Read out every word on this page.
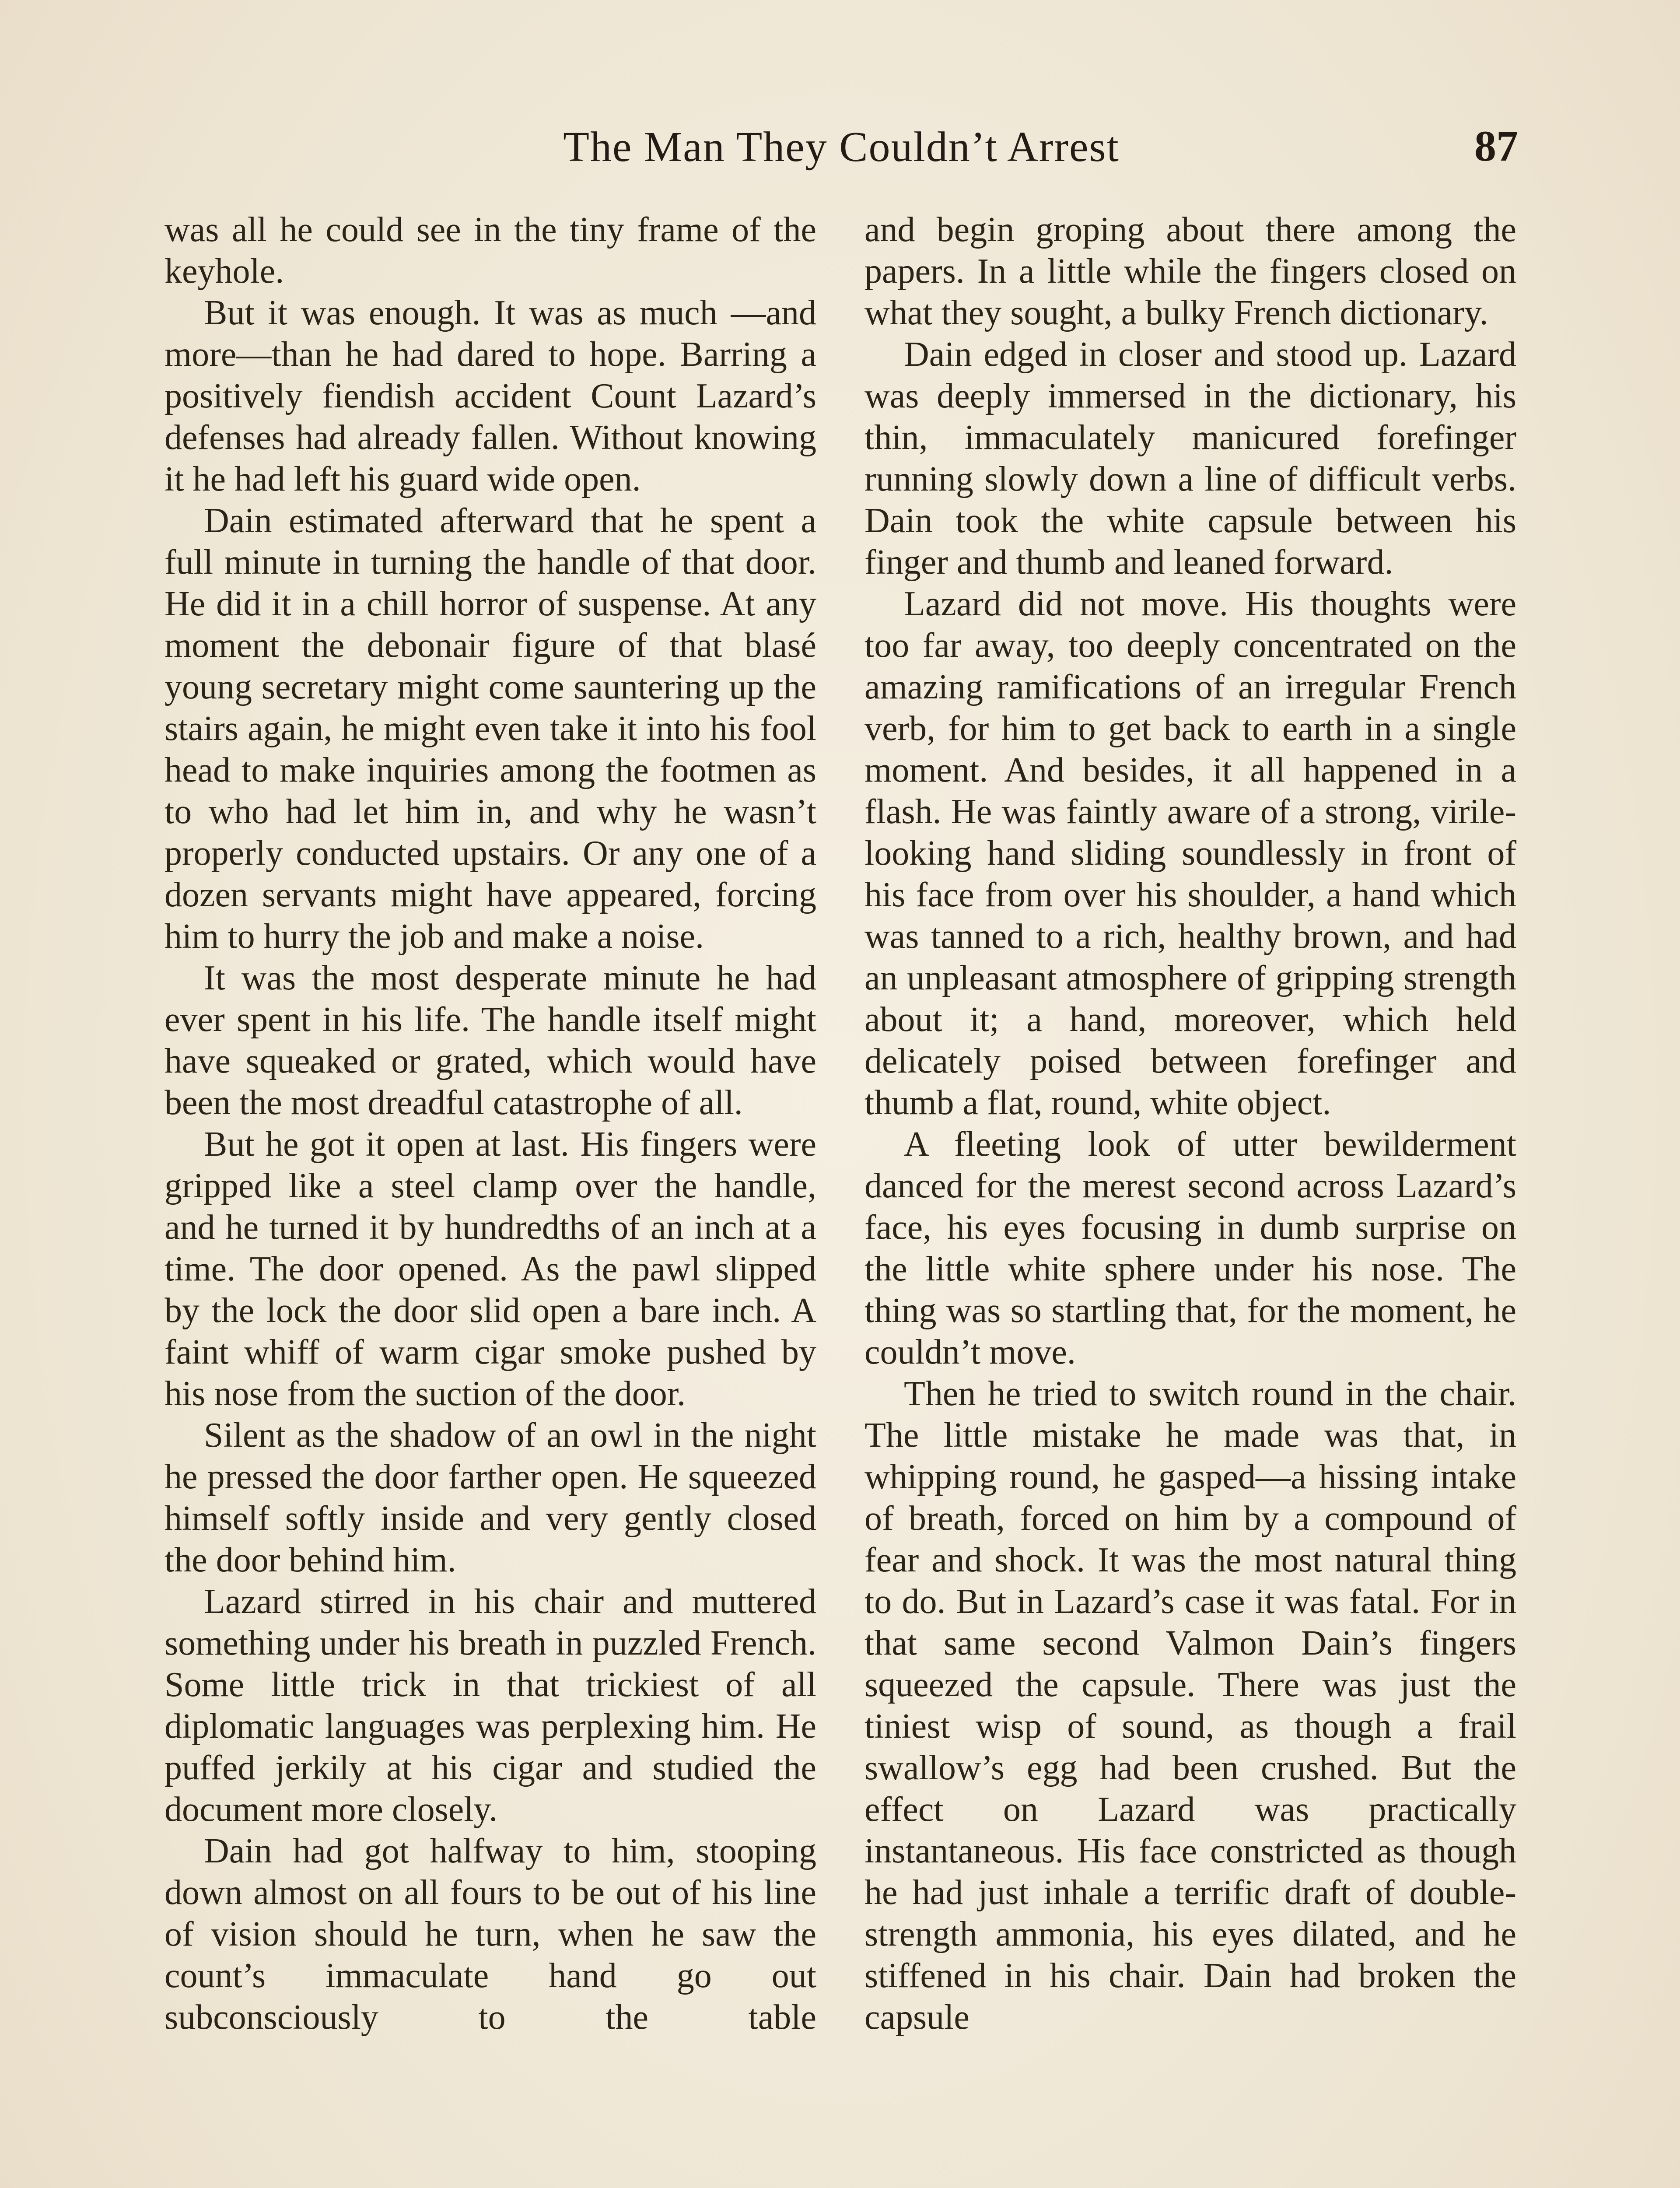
The Man They Couldn’t Arrest	87

was all he could see in the tiny frame of the keyhole.

But it was enough. It was as much —and more—than he had dared to hope. Barring a positively fiendish accident Count Lazard’s defenses had already fallen. Without knowing it he had left his guard wide open.

Dain estimated afterward that he spent a full minute in turning the handle of that door. He did it in a chill horror of suspense. At any moment the debonair figure of that blasé young secretary might come sauntering up the stairs again, he might even take it into his fool head to make inquiries among the footmen as to who had let him in, and why he wasn’t properly conducted upstairs. Or any one of a dozen servants might have appeared, forcing him to hurry the job and make a noise.

It was the most desperate minute he had ever spent in his life. The handle itself might have squeaked or grated, which would have been the most dreadful catastrophe of all.

But he got it open at last. His fingers were gripped like a steel clamp over the handle, and he turned it by hundredths of an inch at a time. The door opened. As the pawl slipped by the lock the door slid open a bare inch. A faint whiff of warm cigar smoke pushed by his nose from the suction of the door.

Silent as the shadow of an owl in the night he pressed the door farther open. He squeezed himself softly inside and very gently closed the door behind him.

Lazard stirred in his chair and muttered something under his breath in puzzled French. Some little trick in that trickiest of all diplomatic languages was perplexing him. He puffed jerkily at his cigar and studied the document more closely.

Dain had got halfway to him, stooping down almost on all fours to be out of his line of vision should he turn, when he saw the count’s immaculate hand go out subconsciously to the table

and begin groping about there among the papers. In a little while the fingers closed on what they sought, a bulky French dictionary.

Dain edged in closer and stood up. Lazard was deeply immersed in the dictionary, his thin, immaculately manicured forefinger running slowly down a line of difficult verbs. Dain took the white capsule between his finger and thumb and leaned forward.

Lazard did not move. His thoughts were too far away, too deeply concentrated on the amazing ramifications of an irregular French verb, for him to get back to earth in a single moment. And besides, it all happened in a flash. He was faintly aware of a strong, virile-looking hand sliding soundlessly in front of his face from over his shoulder, a hand which was tanned to a rich, healthy brown, and had an unpleasant atmosphere of gripping strength about it; a hand, moreover, which held delicately poised between forefinger and thumb a flat, round, white object.

A fleeting look of utter bewilderment danced for the merest second across Lazard’s face, his eyes focusing in dumb surprise on the little white sphere under his nose. The thing was so startling that, for the moment, he couldn’t move.

Then he tried to switch round in the chair. The little mistake he made was that, in whipping round, he gasped—a hissing intake of breath, forced on him by a compound of fear and shock. It was the most natural thing to do. But in Lazard’s case it was fatal. For in that same second Valmon Dain’s fingers squeezed the capsule. There was just the tiniest wisp of sound, as though a frail swallow’s egg had been crushed. But the effect on Lazard was practically instantaneous. His face constricted as though he had just inhale a terrific draft of double-strength ammonia, his eyes dilated, and he stiffened in his chair. Dain had broken the capsule
